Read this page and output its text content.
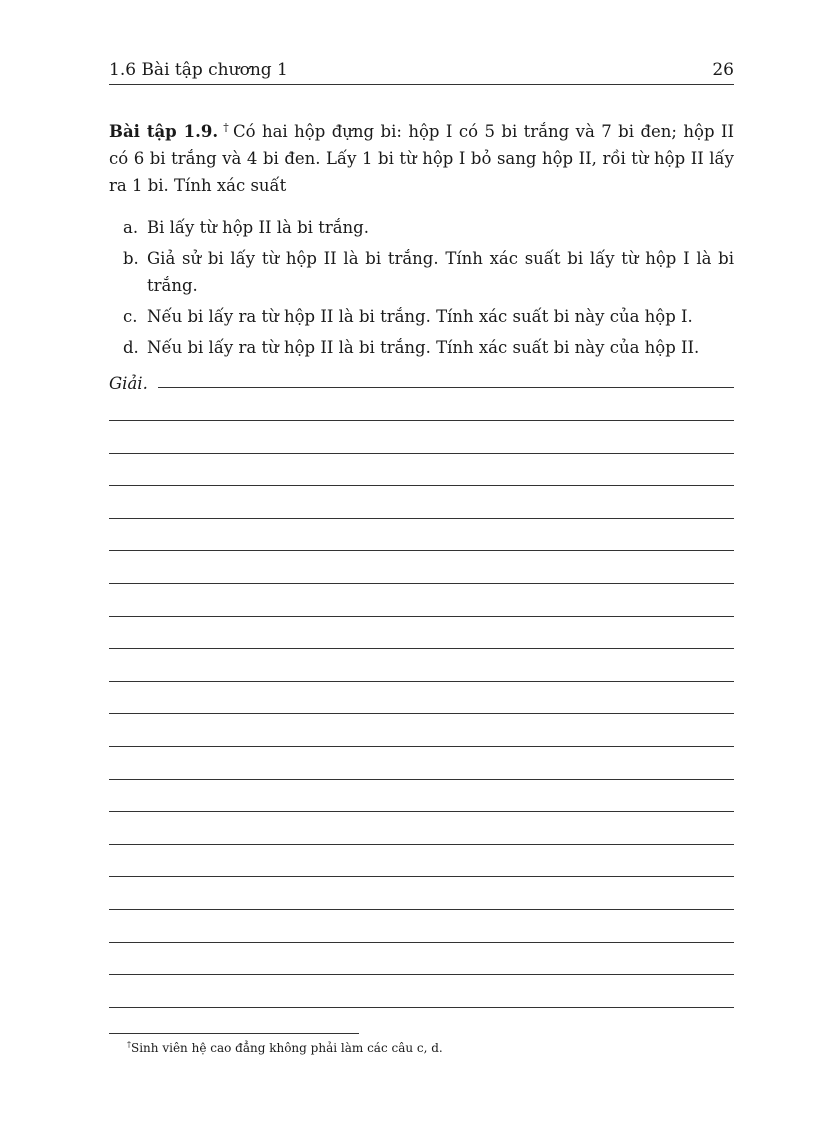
1.6 Bài tập chương 1	26
Bài tập 1.9. † Có hai hộp đựng bi: hộp I có 5 bi trắng và 7 bi đen; hộp II có 6 bi trắng và 4 bi đen. Lấy 1 bi từ hộp I bỏ sang hộp II, rồi từ hộp II lấy ra 1 bi. Tính xác suất
a. Bi lấy từ hộp II là bi trắng.
b. Giả sử bi lấy từ hộp II là bi trắng. Tính xác suất bi lấy từ hộp I là bi trắng.
c. Nếu bi lấy ra từ hộp II là bi trắng. Tính xác suất bi này của hộp I.
d. Nếu bi lấy ra từ hộp II là bi trắng. Tính xác suất bi này của hộp II.
Giải.
†Sinh viên hệ cao đẳng không phải làm các câu c, d.
